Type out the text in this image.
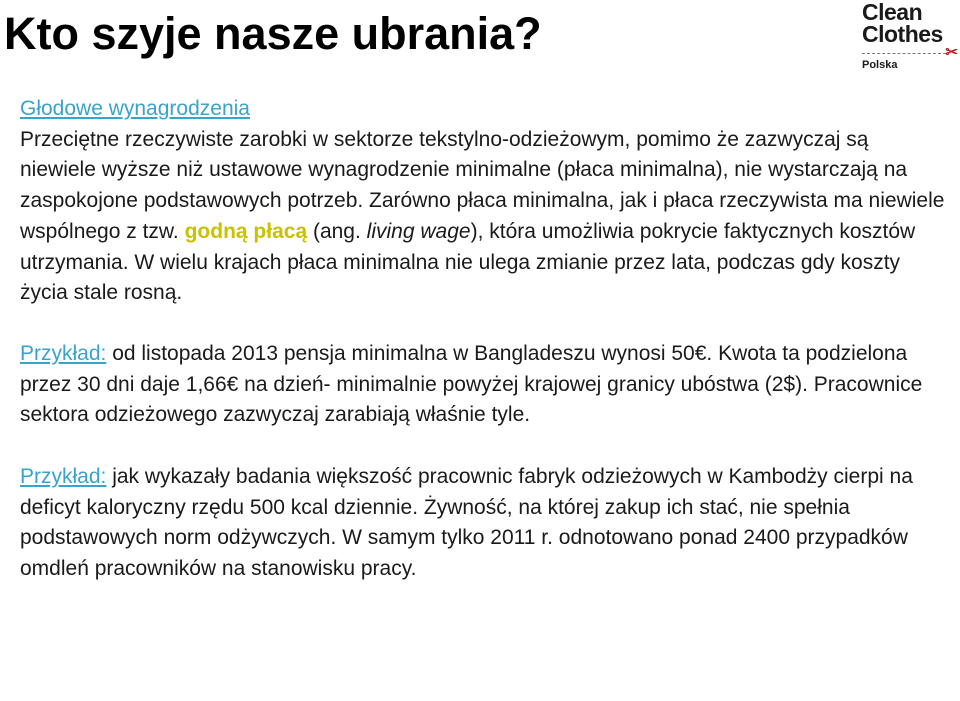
Kto szyje nasze ubrania?	Clean
Clothes
✂
Polska

Głodowe wynagrodzenia
Przeciętne rzeczywiste zarobki w sektorze tekstylno-odzieżowym, pomimo że zazwyczaj są niewiele wyższe niż ustawowe wynagrodzenie minimalne (płaca minimalna), nie wystarczają na zaspokojone podstawowych potrzeb. Zarówno płaca minimalna, jak i płaca rzeczywista ma niewiele wspólnego z tzw. godną płacą (ang. living wage), która umożliwia pokrycie faktycznych kosztów utrzymania. W wielu krajach płaca minimalna nie ulega zmianie przez lata, podczas gdy koszty życia stale rosną.

Przykład: od listopada 2013 pensja minimalna w Bangladeszu wynosi 50€. Kwota ta podzielona przez 30 dni daje 1,66€ na dzień- minimalnie powyżej krajowej granicy ubóstwa (2$). Pracownice sektora odzieżowego zazwyczaj zarabiają właśnie tyle.

Przykład: jak wykazały badania większość pracownic fabryk odzieżowych w Kambodży cierpi na deficyt kaloryczny rzędu 500 kcal dziennie. Żywność, na której zakup ich stać, nie spełnia podstawowych norm odżywczych. W samym tylko 2011 r. odnotowano ponad 2400 przypadków omdleń pracowników na stanowisku pracy.
